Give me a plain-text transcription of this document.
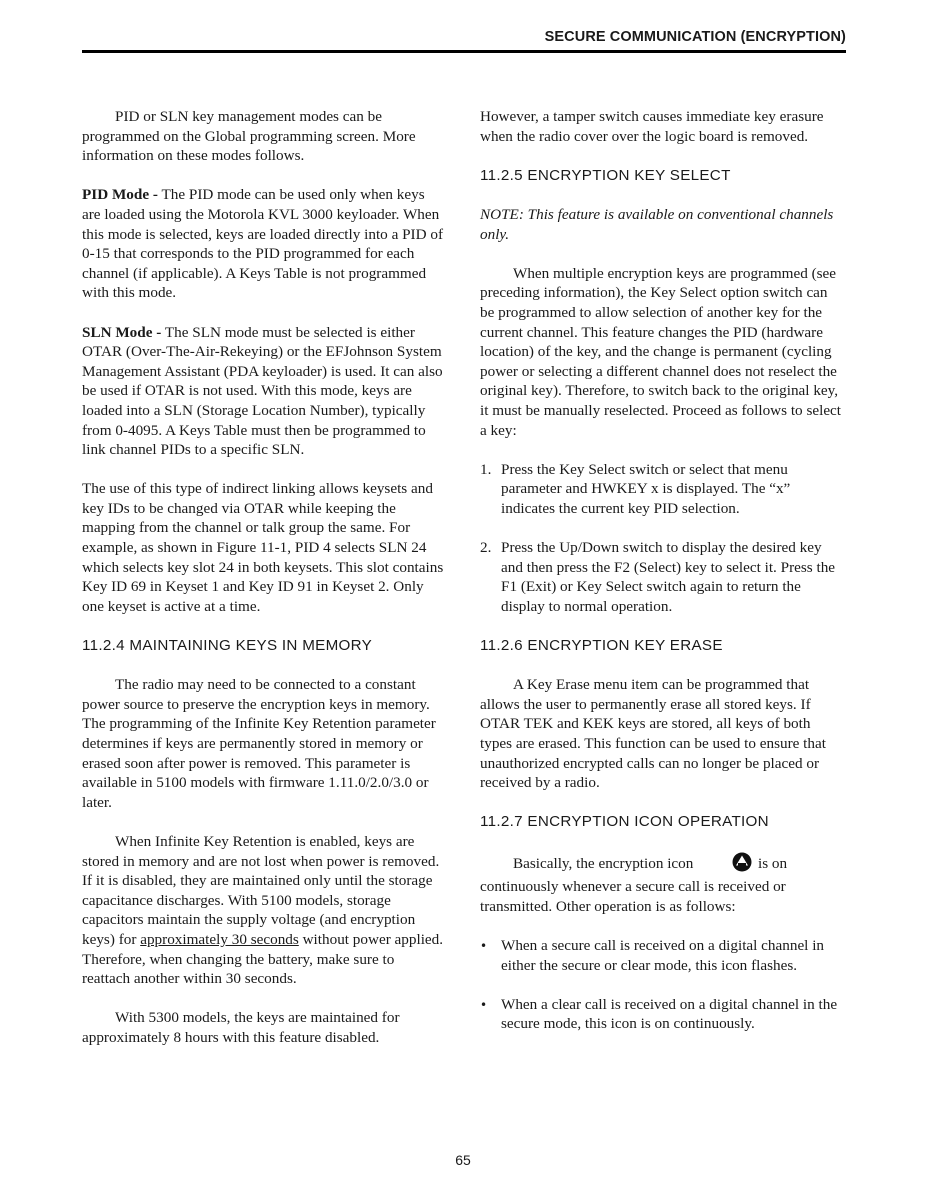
SECURE COMMUNICATION (ENCRYPTION)

PID or SLN key management modes can be programmed on the Global programming screen. More information on these modes follows.

PID Mode - The PID mode can be used only when keys are loaded using the Motorola KVL 3000 keyloader. When this mode is selected, keys are loaded directly into a PID of 0-15 that corresponds to the PID programmed for each channel (if applicable). A Keys Table is not programmed with this mode.

SLN Mode - The SLN mode must be selected is either OTAR (Over-The-Air-Rekeying) or the EFJohnson System Management Assistant (PDA keyloader) is used. It can also be used if OTAR is not used. With this mode, keys are loaded into a SLN (Storage Location Number), typically from 0-4095. A Keys Table must then be programmed to link channel PIDs to a specific SLN.

The use of this type of indirect linking allows keysets and key IDs to be changed via OTAR while keeping the mapping from the channel or talk group the same. For example, as shown in Figure 11-1, PID 4 selects SLN 24 which selects key slot 24 in both keysets. This slot contains Key ID 69 in Keyset 1 and Key ID 91 in Keyset 2. Only one keyset is active at a time.

11.2.4 MAINTAINING KEYS IN MEMORY

The radio may need to be connected to a constant power source to preserve the encryption keys in memory. The programming of the Infinite Key Retention parameter determines if keys are permanently stored in memory or erased soon after power is removed. This parameter is available in 5100 models with firmware 1.11.0/2.0/3.0 or later.

When Infinite Key Retention is enabled, keys are stored in memory and are not lost when power is removed. If it is disabled, they are maintained only until the storage capacitance discharges. With 5100 models, storage capacitors maintain the supply voltage (and encryption keys) for approximately 30 seconds without power applied. Therefore, when changing the battery, make sure to reattach another within 30 seconds.

With 5300 models, the keys are maintained for approximately 8 hours with this feature disabled.

However, a tamper switch causes immediate key erasure when the radio cover over the logic board is removed.

11.2.5 ENCRYPTION KEY SELECT

NOTE: This feature is available on conventional channels only.

When multiple encryption keys are programmed (see preceding information), the Key Select option switch can be programmed to allow selection of another key for the current channel. This feature changes the PID (hardware location) of the key, and the change is permanent (cycling power or selecting a different channel does not reselect the original key). Therefore, to switch back to the original key, it must be manually reselected. Proceed as follows to select a key:

1. Press the Key Select switch or select that menu parameter and HWKEY x is displayed. The “x” indicates the current key PID selection.
2. Press the Up/Down switch to display the desired key and then press the F2 (Select) key to select it. Press the F1 (Exit) or Key Select switch again to return the display to normal operation.
11.2.6 ENCRYPTION KEY ERASE

A Key Erase menu item can be programmed that allows the user to permanently erase all stored keys. If OTAR TEK and KEK keys are stored, all keys of both types are erased. This function can be used to ensure that unauthorized encrypted calls can no longer be placed or received by a radio.

11.2.7 ENCRYPTION ICON OPERATION

Basically, the encryption icon	is on continuously whenever a secure call is received or transmitted. Other operation is as follows:

• When a secure call is received on a digital channel in either the secure or clear mode, this icon flashes.
• When a clear call is received on a digital channel in the secure mode, this icon is on continuously.
65
